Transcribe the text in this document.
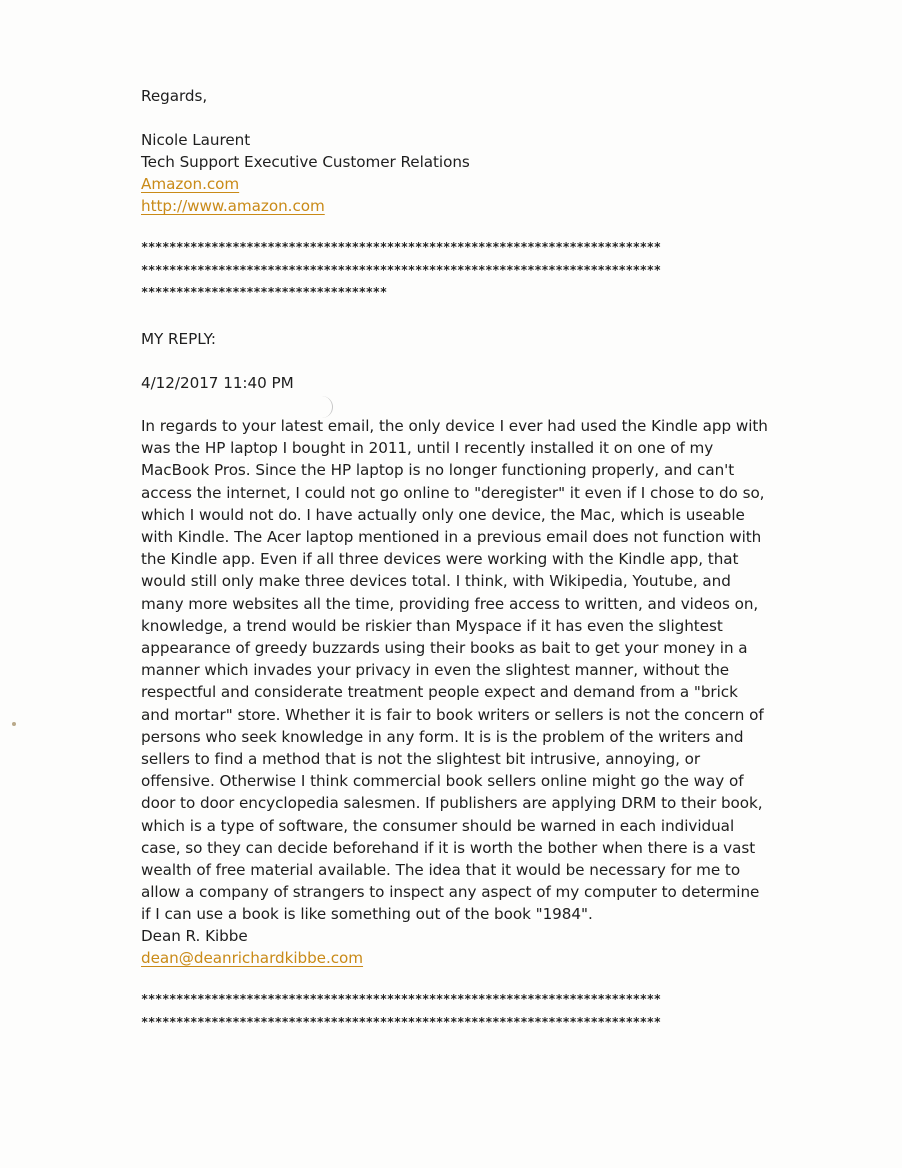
Regards,
Nicole Laurent
Tech Support Executive Customer Relations
Amazon.com
http://www.amazon.com
**************************************************************************
**************************************************************************
***********************************
MY REPLY:
4/12/2017 11:40 PM
In regards to your latest email, the only device I ever had used the Kindle app with
was the HP laptop I bought in 2011, until I recently installed it on one of my
MacBook Pros. Since the HP laptop is no longer functioning properly, and can't
access the internet, I could not go online to "deregister" it even if I chose to do so,
which I would not do. I have actually only one device, the Mac, which is useable
with Kindle. The Acer laptop mentioned in a previous email does not function with
the Kindle app. Even if all three devices were working with the Kindle app, that
would still only make three devices total. I think, with Wikipedia, Youtube, and
many more websites all the time, providing free access to written, and videos on,
knowledge, a trend would be riskier than Myspace if it has even the slightest
appearance of greedy buzzards using their books as bait to get your money in a
manner which invades your privacy in even the slightest manner, without the
respectful and considerate treatment people expect and demand from a "brick
and mortar" store. Whether it is fair to book writers or sellers is not the concern of
persons who seek knowledge in any form. It is is the problem of the writers and
sellers to find a method that is not the slightest bit intrusive, annoying, or
offensive. Otherwise I think commercial book sellers online might go the way of
door to door encyclopedia salesmen. If publishers are applying DRM to their book,
which is a type of software, the consumer should be warned in each individual
case, so they can decide beforehand if it is worth the bother when there is a vast
wealth of free material available. The idea that it would be necessary for me to
allow a company of strangers to inspect any aspect of my computer to determine
if I can use a book is like something out of the book "1984".
Dean R. Kibbe
dean@deanrichardkibbe.com
**************************************************************************
**************************************************************************
